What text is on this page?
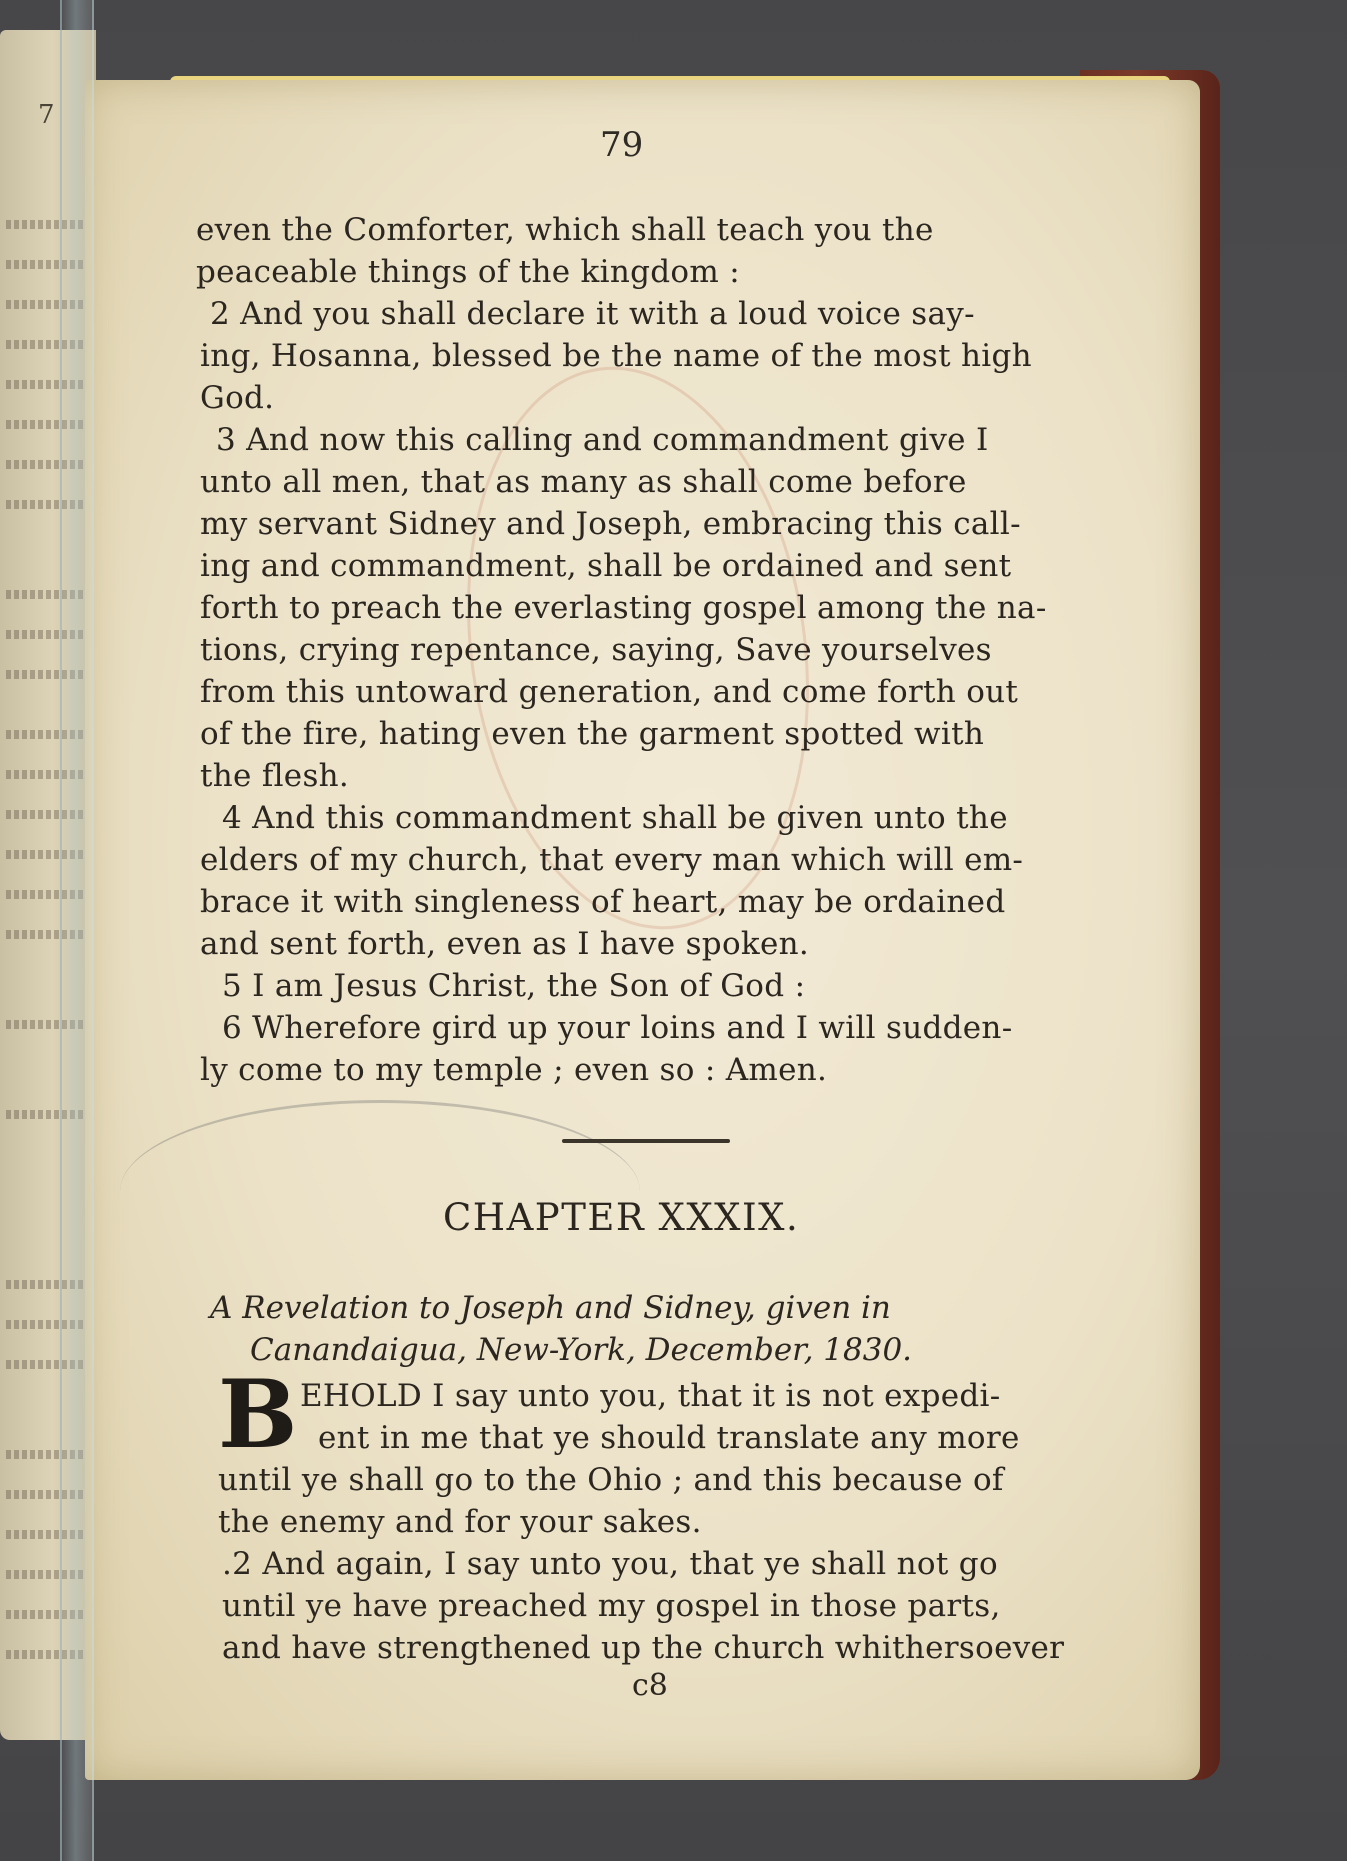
7
79
even the Comforter, which shall teach you the
peaceable things of the kingdom :
2 And you shall declare it with a loud voice say-
ing, Hosanna, blessed be the name of the most high
God.
3 And now this calling and commandment give I
unto all men, that as many as shall come before
my servant Sidney and Joseph, embracing this call-
ing and commandment, shall be ordained and sent
forth to preach the everlasting gospel among the na-
tions, crying repentance, saying, Save yourselves
from this untoward generation, and come forth out
of the fire, hating even the garment spotted with
the flesh.
4 And this commandment shall be given unto the
elders of my church, that every man which will em-
brace it with singleness of heart, may be ordained
and sent forth, even as I have spoken.
5 I am Jesus Christ, the Son of God :
6 Wherefore gird up your loins and I will sudden-
ly come to my temple ; even so : Amen.
CHAPTER XXXIX.
A Revelation to Joseph and Sidney, given in
Canandaigua, New-York, December, 1830.
B EHOLD I say unto you, that it is not expedi-
ent in me that ye should translate any more
until ye shall go to the Ohio ; and this because of
the enemy and for your sakes.
.2 And again, I say unto you, that ye shall not go
until ye have preached my gospel in those parts,
and have strengthened up the church whithersoever
c8
